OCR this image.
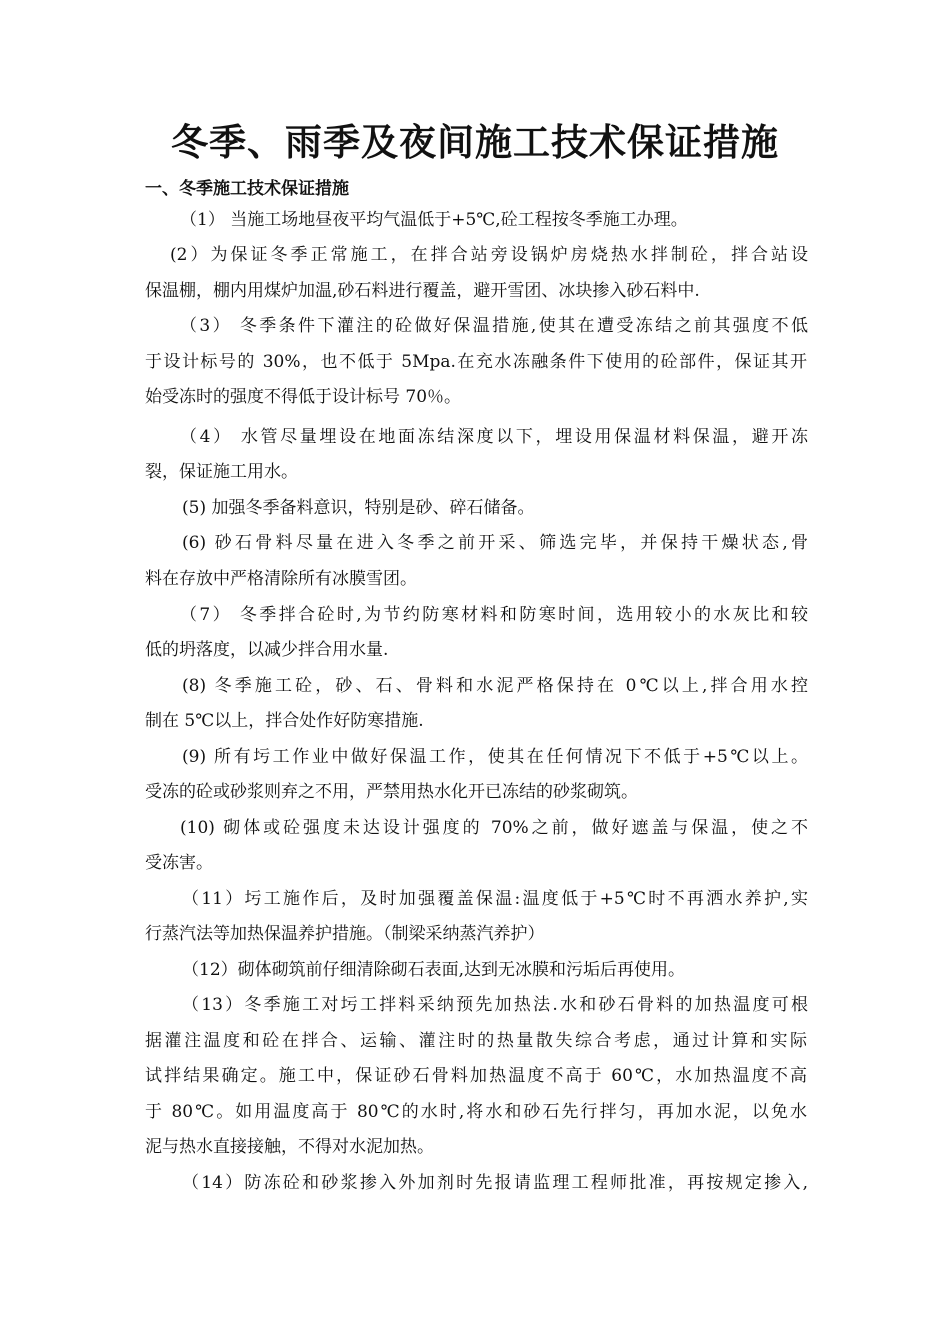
冬季、雨季及夜间施工技术保证措施
一、冬季施工技术保证措施
（1） 当施工场地昼夜平均气温低于+5℃,砼工程按冬季施工办理。
(2）为保证冬季正常施工，在拌合站旁设锅炉房烧热水拌制砼，拌合站设
保温棚，棚内用煤炉加温,砂石料进行覆盖，避开雪团、冰块掺入砂石料中.
（3） 冬季条件下灌注的砼做好保温措施,使其在遭受冻结之前其强度不低
于设计标号的 30%，也不低于 5Mpa.在充水冻融条件下使用的砼部件，保证其开
始受冻时的强度不得低于设计标号 70％。
（4） 水管尽量埋设在地面冻结深度以下，埋设用保温材料保温，避开冻
裂，保证施工用水。
(5) 加强冬季备料意识，特别是砂、碎石储备。
(6) 砂石骨料尽量在进入冬季之前开采、筛选完毕，并保持干燥状态,骨
料在存放中严格清除所有冰膜雪团。
（7） 冬季拌合砼时,为节约防寒材料和防寒时间，选用较小的水灰比和较
低的坍落度，以减少拌合用水量.
(8) 冬季施工砼，砂、石、骨料和水泥严格保持在 0℃以上,拌合用水控
制在 5℃以上，拌合处作好防寒措施.
(9) 所有圬工作业中做好保温工作，使其在任何情况下不低于+5℃以上。
受冻的砼或砂浆则弃之不用，严禁用热水化开已冻结的砂浆砌筑。
(10) 砌体或砼强度未达设计强度的 70%之前，做好遮盖与保温，使之不
受冻害。
（11）圬工施作后，及时加强覆盖保温:温度低于+5℃时不再洒水养护,实
行蒸汽法等加热保温养护措施。（制梁采纳蒸汽养护）
（12）砌体砌筑前仔细清除砌石表面,达到无冰膜和污垢后再使用。
（13）冬季施工对圬工拌料采纳预先加热法.水和砂石骨料的加热温度可根
据灌注温度和砼在拌合、运输、灌注时的热量散失综合考虑，通过计算和实际
试拌结果确定。施工中，保证砂石骨料加热温度不高于 60℃，水加热温度不高
于 80℃。如用温度高于 80℃的水时,将水和砂石先行拌匀，再加水泥，以免水
泥与热水直接接触，不得对水泥加热。
（14）防冻砼和砂浆掺入外加剂时先报请监理工程师批准，再按规定掺入,
